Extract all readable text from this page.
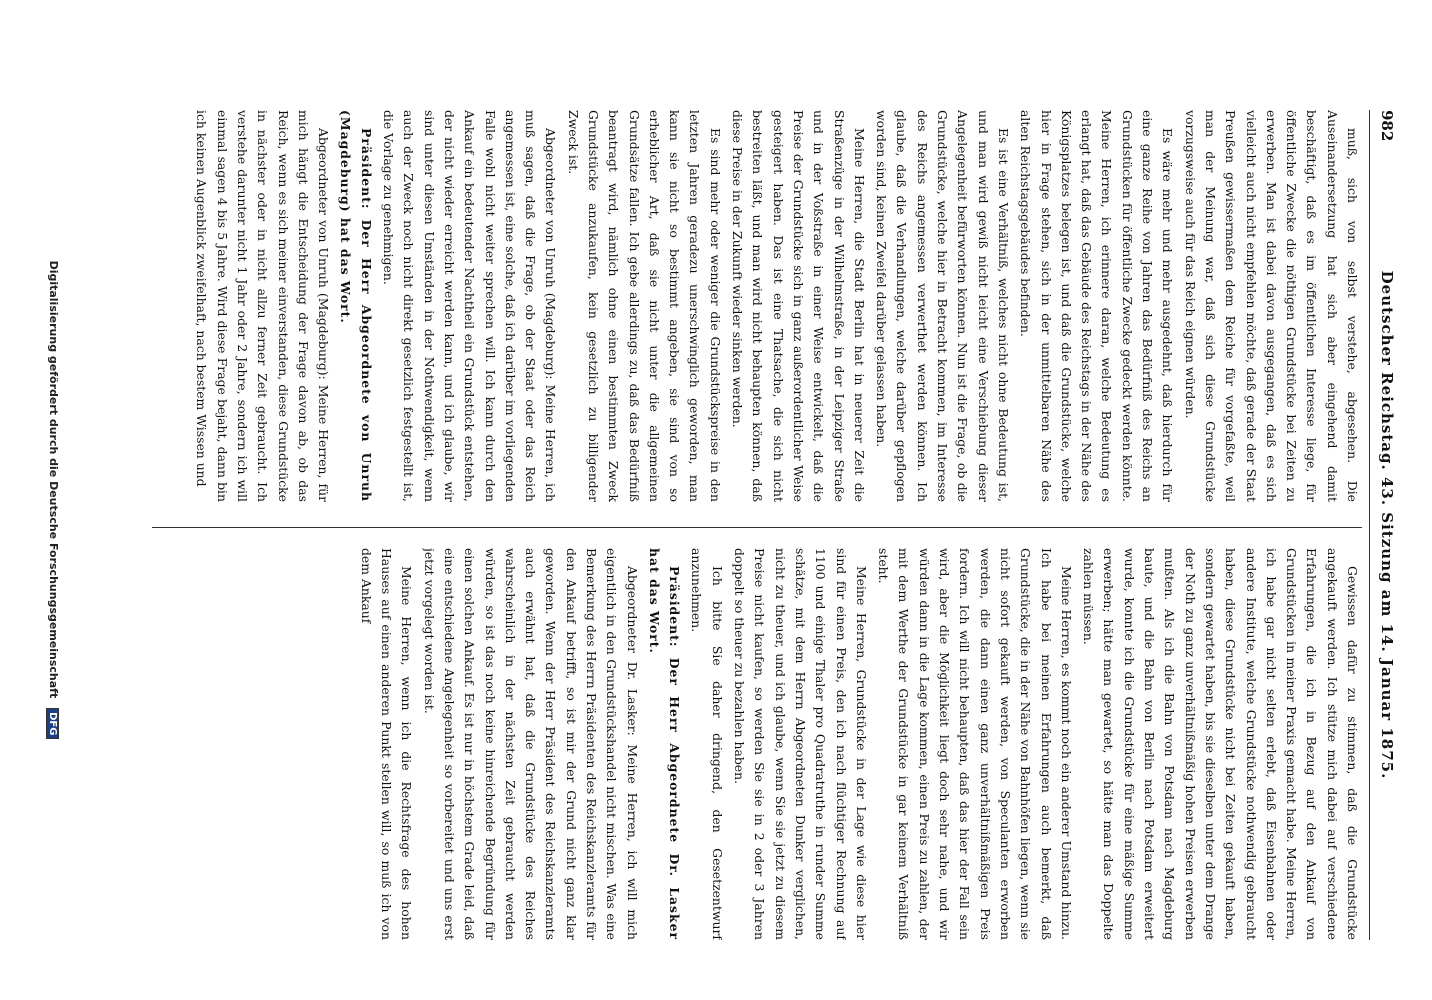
982
Deutscher Reichstag. 43. Sitzung am 14. Januar 1875.

muß, sich von selbst verstehe, abgesehen. Die Auseinandersetzung hat sich aber eingehend damit beschäftigt, daß es im öffentlichen Interesse liege, für öffentliche Zwecke die nöthigen Grundstücke bei Zeiten zu erwerben. Man ist dabei davon ausgegangen, daß es sich vielleicht auch nicht empfehlen möchte, daß gerade der Staat Preußen gewissermaßen dem Reiche für vorgefaßte, weil man der Meinung war, daß sich diese Grundstücke vorzugsweise auch für das Reich eignen würden.

Es wäre mehr und mehr ausgedehnt, daß hierdurch für eine ganze Reihe von Jahren das Bedürfniß des Reichs an Grundstücken für öffentliche Zwecke gedeckt werden könnte. Meine Herren, ich erinnere daran, welche Bedeutung es erlangt hat, daß das Gebäude des Reichstags in der Nähe des Königsplatzes belegen ist, und daß die Grundstücke, welche hier in Frage stehen, sich in der unmittelbaren Nähe des alten Reichstagsgebäudes befinden.

Es ist eine Verhältniß, welches nicht ohne Bedeutung ist, und man wird gewiß nicht leicht eine Verschiebung dieser Angelegenheit befürworten können. Nun ist die Frage, ob die Grundstücke, welche hier in Betracht kommen, im Interesse des Reichs angemessen verwerthet werden können. Ich glaube, daß die Verhandlungen, welche darüber gepflogen worden sind, keinen Zweifel darüber gelassen haben.

Meine Herren, die Stadt Berlin hat in neuerer Zeit die Straßenzüge in der Wilhelmstraße, in der Leipziger Straße und in der Voßstraße in einer Weise entwickelt, daß die Preise der Grundstücke sich in ganz außerordentlicher Weise gesteigert haben. Das ist eine Thatsache, die sich nicht bestreiten läßt, und man wird nicht behaupten können, daß diese Preise in der Zukunft wieder sinken werden.

Es sind mehr oder weniger die Grundstückspreise in den letzten Jahren geradezu unerschwinglich geworden, man kann sie nicht so bestimmt angeben, sie sind von so erheblicher Art, daß sie nicht unter die allgemeinen Grundsätze fallen. Ich gebe allerdings zu, daß das Bedürfniß beantragt wird, nämlich ohne einen bestimmten Zweck Grundstücke anzukaufen, kein gesetzlich zu billigender Zweck ist.

Abgeordneter von Unruh (Magdeburg): Meine Herren, ich muß sagen, daß die Frage, ob der Staat oder das Reich angemessen ist, eine solche, daß ich darüber im vorliegenden Falle wohl nicht weiter sprechen will. Ich kann durch den Ankauf ein bedeutender Nachtheil ein Grundstück entstehen, der nicht wieder erreicht werden kann, und ich glaube, wir sind unter diesen Umständen in der Nothwendigkeit, wenn auch der Zweck noch nicht direkt gesetzlich festgestellt ist, die Vorlage zu genehmigen.

Präsident: Der Herr Abgeordnete von Unruh (Magdeburg) hat das Wort.

Abgeordneter von Unruh (Magdeburg): Meine Herren, für mich hängt die Entscheidung der Frage davon ab, ob das Reich, wenn es sich meiner einverstanden, diese Grundstücke in nächster oder in nicht allzu ferner Zeit gebraucht. Ich verstehe darunter nicht 1 Jahr oder 2 Jahre, sondern ich will einmal sagen 4 bis 5 Jahre. Wird diese Frage bejaht, dann bin ich keinen Augenblick zweifelhaft, nach bestem Wissen und

Gewissen dafür zu stimmen, daß die Grundstücke angekauft werden. Ich stütze mich dabei auf verschiedene Erfahrungen, die ich in Bezug auf den Ankauf von Grundstücken in meiner Praxis gemacht habe. Meine Herren, ich habe gar nicht selten erlebt, daß Eisenbahnen oder andere Institute, welche Grundstücke nothwendig gebraucht haben, diese Grundstücke nicht bei Zeiten gekauft haben, sondern gewartet haben, bis sie dieselben unter dem Drange der Noth zu ganz unverhältnißmäßig hohen Preisen erwerben mußten. Als ich die Bahn von Potsdam nach Magdeburg baute, und die Bahn von Berlin nach Potsdam erweitert wurde, konnte ich die Grundstücke für eine mäßige Summe erwerben; hätte man gewartet, so hätte man das Doppelte zahlen müssen.

Meine Herren, es kommt noch ein anderer Umstand hinzu. Ich habe bei meinen Erfahrungen auch bemerkt, daß Grundstücke, die in der Nähe von Bahnhöfen liegen, wenn sie nicht sofort gekauft werden, von Speculanten erworben werden, die dann einen ganz unverhältnißmäßigen Preis fordern. Ich will nicht behaupten, daß das hier der Fall sein wird, aber die Möglichkeit liegt doch sehr nahe, und wir würden dann in die Lage kommen, einen Preis zu zahlen, der mit dem Werthe der Grundstücke in gar keinem Verhältniß steht.

Meine Herren, Grundstücke in der Lage wie diese hier sind für einen Preis, den ich nach flüchtiger Rechnung auf 1100 und einige Thaler pro Quadratruthe in runder Summe schätze, mit dem Herrn Abgeordneten Dunker verglichen, nicht zu theuer, und ich glaube, wenn Sie sie jetzt zu diesem Preise nicht kaufen, so werden Sie sie in 2 oder 3 Jahren doppelt so theuer zu bezahlen haben.

Ich bitte Sie daher dringend, den Gesetzentwurf anzunehmen.

Präsident: Der Herr Abgeordnete Dr. Lasker hat das Wort.

Abgeordneter Dr. Lasker: Meine Herren, ich will mich eigentlich in den Grundstückshandel nicht mischen. Was eine Bemerkung des Herrn Präsidenten des Reichskanzleramts für den Ankauf betrifft, so ist mir der Grund nicht ganz klar geworden. Wenn der Herr Präsident des Reichskanzleramts auch erwähnt hat, daß die Grundstücke des Reiches wahrscheinlich in der nächsten Zeit gebraucht werden würden, so ist das noch keine hinreichende Begründung für einen solchen Ankauf. Es ist nur in höchstem Grade leid, daß eine entschiedene Angelegenheit so vorbereitet und uns erst jetzt vorgelegt worden ist.

Meine Herren, wenn ich die Rechtsfrage des hohen Hauses auf einen anderen Punkt stellen will, so muß ich von dem Ankauf

Digitalisierung gefördert durch die Deutsche Forschungsgemeinschaft DFG
